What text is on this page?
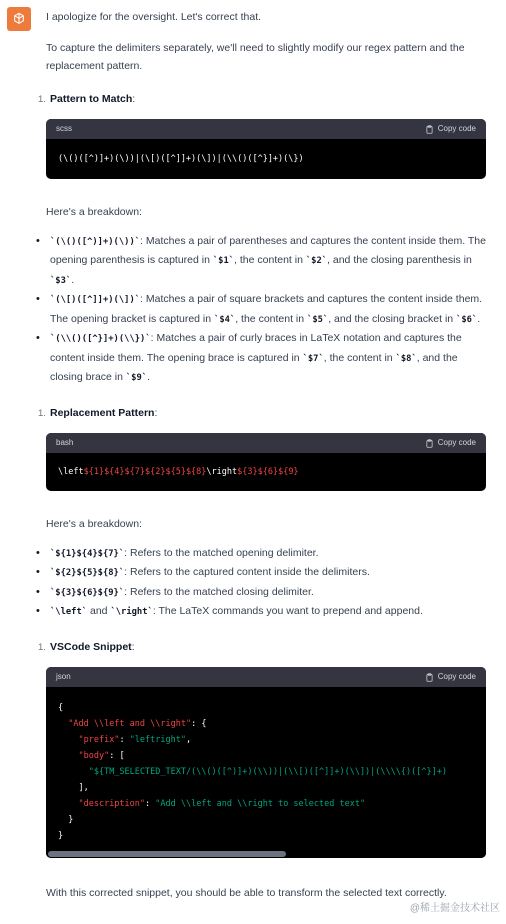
I apologize for the oversight. Let's correct that.

To capture the delimiters separately, we'll need to slightly modify our regex pattern and the replacement pattern.

1. Pattern to Match:
scss	Copy code
(\()([^)]+)(\))|(\[)([^]]+)(\])|(\\()([^}]+)(\})

Here's a breakdown:

• `(\()([^)]+)(\))`: Matches a pair of parentheses and captures the content inside them. The opening parenthesis is captured in `$1`, the content in `$2`, and the closing parenthesis in `$3`.
• `(\[)([^]]+)(\])`: Matches a pair of square brackets and captures the content inside them. The opening bracket is captured in `$4`, the content in `$5`, and the closing bracket in `$6`.
• `(\\()([^}]+)(\\})`: Matches a pair of curly braces in LaTeX notation and captures the content inside them. The opening brace is captured in `$7`, the content in `$8`, and the closing brace in `$9`.
1. Replacement Pattern:
bash	Copy code
\left${1}${4}${7}${2}${5}${8}\right${3}${6}${9}

Here's a breakdown:

• `${1}${4}${7}`: Refers to the matched opening delimiter.
• `${2}${5}${8}`: Refers to the captured content inside the delimiters.
• `${3}${6}${9}`: Refers to the matched closing delimiter.
• `\left` and `\right`: The LaTeX commands you want to prepend and append.
1. VSCode Snippet:
json	Copy code
{
"Add \\left and \\right": {
"prefix": "leftright",
"body": [
"${TM_SELECTED_TEXT/(\\()([^)]+)(\\))|(\\[)([^]]+)(\\])|(\\\\{)([^}]+)
],
"description": "Add \\left and \\right to selected text"
}
}

With this corrected snippet, you should be able to transform the selected text correctly.

@稀土掘金技术社区
